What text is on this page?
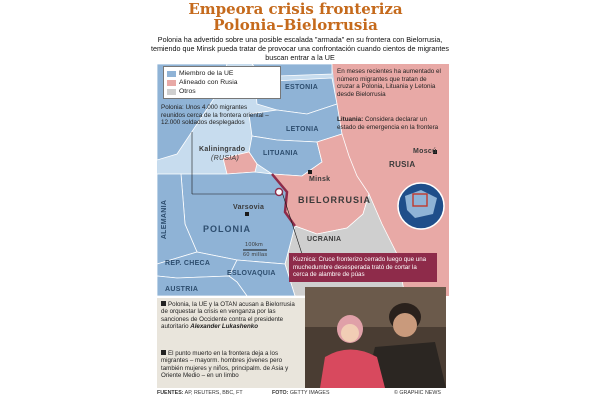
Empeora crisis fronteriza
Polonia–Bielorrusia
Polonia ha advertido sobre una posible escalada "armada" en su frontera con Bielorrusia, temiendo que Minsk pueda tratar de provocar una confrontación cuando cientos de migrantes buscan entrar a la UE
ESTONIA
LETONIA
LITUANIA
RUSIA
BIELORRUSIA
POLONIA
ALEMANIA
UCRANIA
REP. CHECA
ESLOVAQUIA
AUSTRIA
Kaliningrado
(RUSIA)
Minsk
Varsovia
Moscú
100km
60 millas
Miembro de la UE
Alineado con Rusia
Otros
Polonia: Unos 4.000 migrantes reunidos cerca de la frontera oriental – 12.000 soldados desplegados
En meses recientes ha aumentado el número migrantes que tratan de cruzar a Polonia, Lituania y Letonia desde Bielorrusia
Lituania: Considera declarar un estado de emergencia en la frontera
Kuznica: Cruce fronterizo cerrado luego que una muchedumbre desesperada trató de cortar la cerca de alambre de púas
Polonia, la UE y la OTAN acusan a Bielorrusia de orquestar la crisis en venganza por las sanciones de Occidente contra el presidente autoritario Alexander Lukashenko
El punto muerto en la frontera deja a los migrantes – mayorm. hombres jóvenes pero también mujeres y niños, principalm. de Asia y Oriente Medio – en un limbo
FUENTES: AP, REUTERS, BBC, FT	FOTO: GETTY IMAGES	© GRAPHIC NEWS
